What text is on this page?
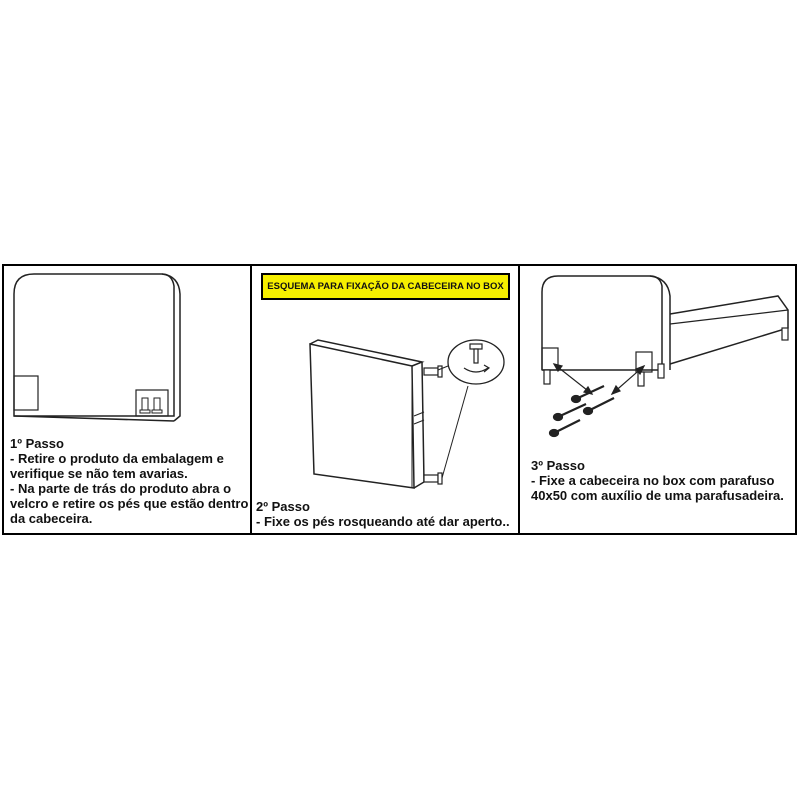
1º Passo
- Retire o produto da embalagem e
verifique se não tem avarias.
- Na parte de trás do produto abra o
velcro e retire os pés que estão dentro
da cabeceira.
ESQUEMA PARA FIXAÇÃO DA CABECEIRA NO BOX
2º Passo
- Fixe os pés rosqueando até dar aperto..
3º Passo
- Fixe a cabeceira no box com parafuso
40x50 com auxílio de uma parafusadeira.
